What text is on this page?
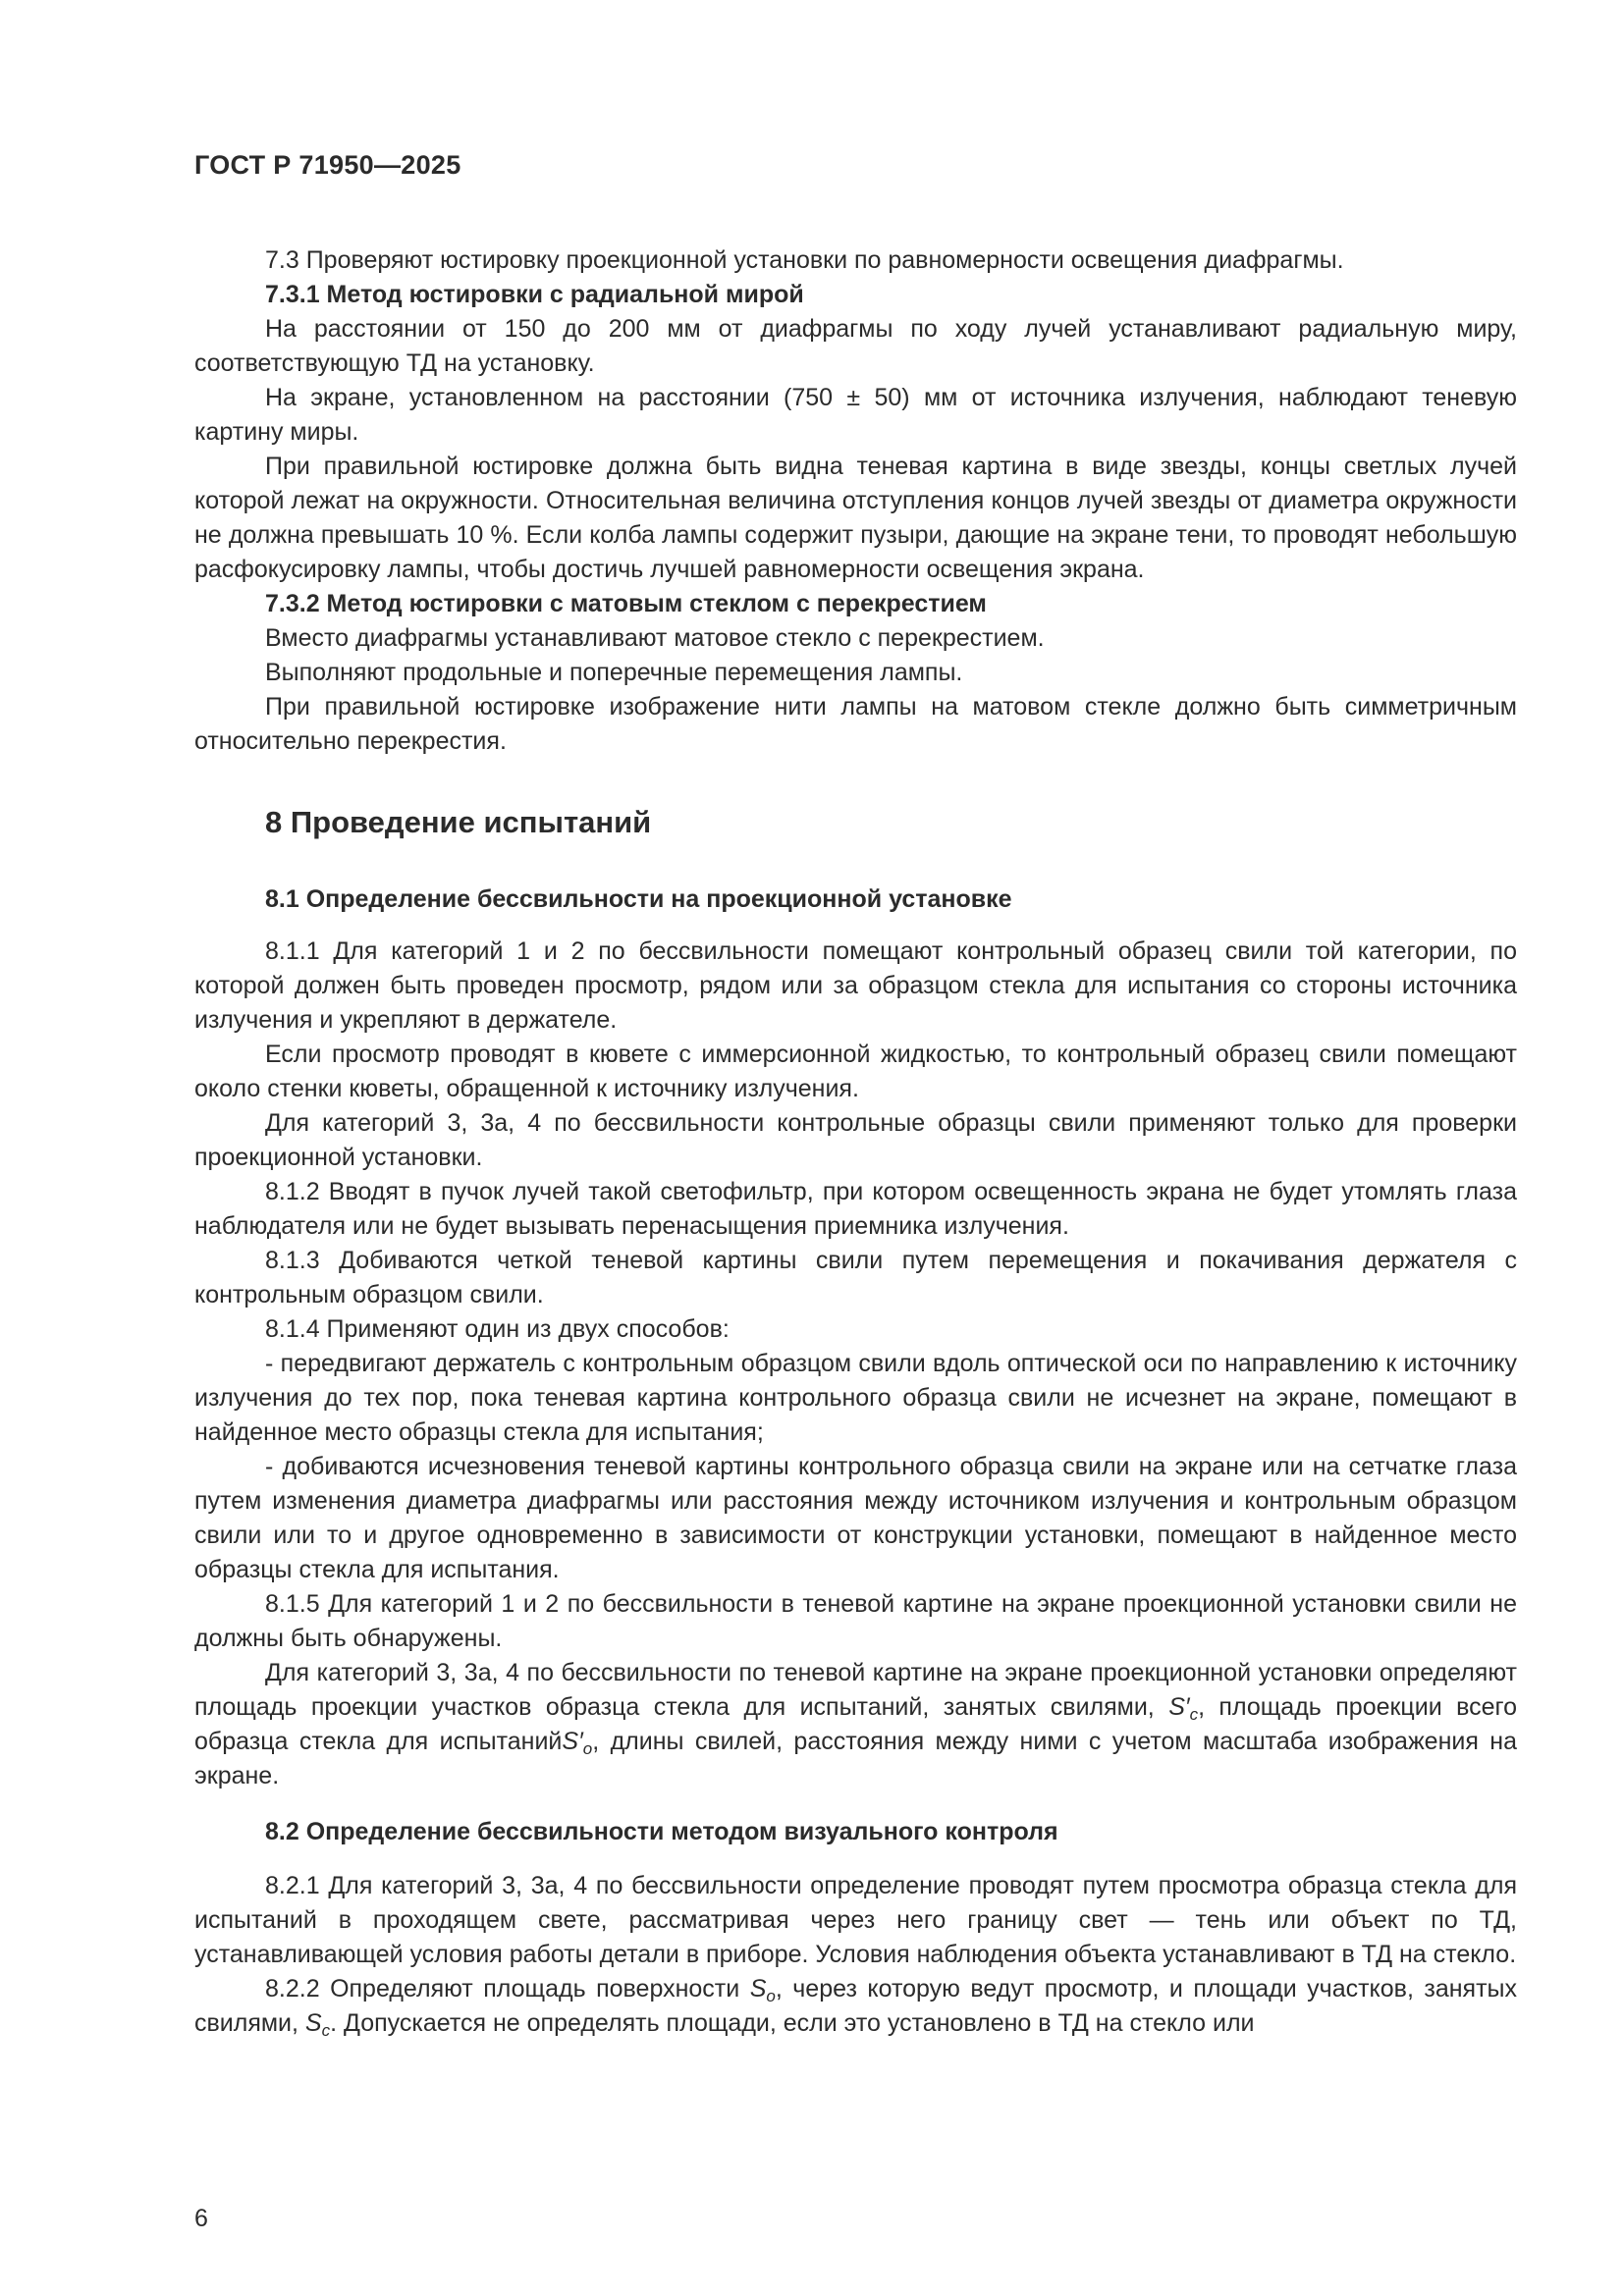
ГОСТ Р 71950—2025

7.3 Проверяют юстировку проекционной установки по равномерности освещения диафрагмы.

7.3.1 Метод юстировки с радиальной мирой

На расстоянии от 150 до 200 мм от диафрагмы по ходу лучей устанавливают радиальную миру, соответствующую ТД на установку.

На экране, установленном на расстоянии (750 ± 50) мм от источника излучения, наблюдают теневую картину миры.

При правильной юстировке должна быть видна теневая картина в виде звезды, концы светлых лучей которой лежат на окружности. Относительная величина отступления концов лучей звезды от диаметра окружности не должна превышать 10 %. Если колба лампы содержит пузыри, дающие на экране тени, то проводят небольшую расфокусировку лампы, чтобы достичь лучшей равномерности освещения экрана.

7.3.2 Метод юстировки с матовым стеклом с перекрестием

Вместо диафрагмы устанавливают матовое стекло с перекрестием.

Выполняют продольные и поперечные перемещения лампы.

При правильной юстировке изображение нити лампы на матовом стекле должно быть симметричным относительно перекрестия.

8 Проведение испытаний
8.1 Определение бессвильности на проекционной установке

8.1.1 Для категорий 1 и 2 по бессвильности помещают контрольный образец свили той категории, по которой должен быть проведен просмотр, рядом или за образцом стекла для испытания со стороны источника излучения и укрепляют в держателе.

Если просмотр проводят в кювете с иммерсионной жидкостью, то контрольный образец свили помещают около стенки кюветы, обращенной к источнику излучения.

Для категорий 3, 3а, 4 по бессвильности контрольные образцы свили применяют только для проверки проекционной установки.

8.1.2 Вводят в пучок лучей такой светофильтр, при котором освещенность экрана не будет утомлять глаза наблюдателя или не будет вызывать перенасыщения приемника излучения.

8.1.3 Добиваются четкой теневой картины свили путем перемещения и покачивания держателя с контрольным образцом свили.

8.1.4 Применяют один из двух способов:

- передвигают держатель с контрольным образцом свили вдоль оптической оси по направлению к источнику излучения до тех пор, пока теневая картина контрольного образца свили не исчезнет на экране, помещают в найденное место образцы стекла для испытания;

- добиваются исчезновения теневой картины контрольного образца свили на экране или на сетчатке глаза путем изменения диаметра диафрагмы или расстояния между источником излучения и контрольным образцом свили или то и другое одновременно в зависимости от конструкции установки, помещают в найденное место образцы стекла для испытания.

8.1.5 Для категорий 1 и 2 по бессвильности в теневой картине на экране проекционной установки свили не должны быть обнаружены.

Для категорий 3, 3а, 4 по бессвильности по теневой картине на экране проекционной установки определяют площадь проекции участков образца стекла для испытаний, занятых свилями, $S'_c$, площадь проекции всего образца стекла для $испытанийS'_о$, длины свилей, расстояния между ними с учетом масштаба изображения на экране.

8.2 Определение бессвильности методом визуального контроля

8.2.1 Для категорий 3, 3а, 4 по бессвильности определение проводят путем просмотра образца стекла для испытаний в проходящем свете, рассматривая через него границу свет — тень или объект по ТД, устанавливающей условия работы детали в приборе. Условия наблюдения объекта устанавливают в ТД на стекло.

8.2.2 Определяют площадь поверхности $S_о$, через которую ведут просмотр, и площади участков, занятых свилями, $S_c$. Допускается не определять площади, если это установлено в ТД на стекло или

6
